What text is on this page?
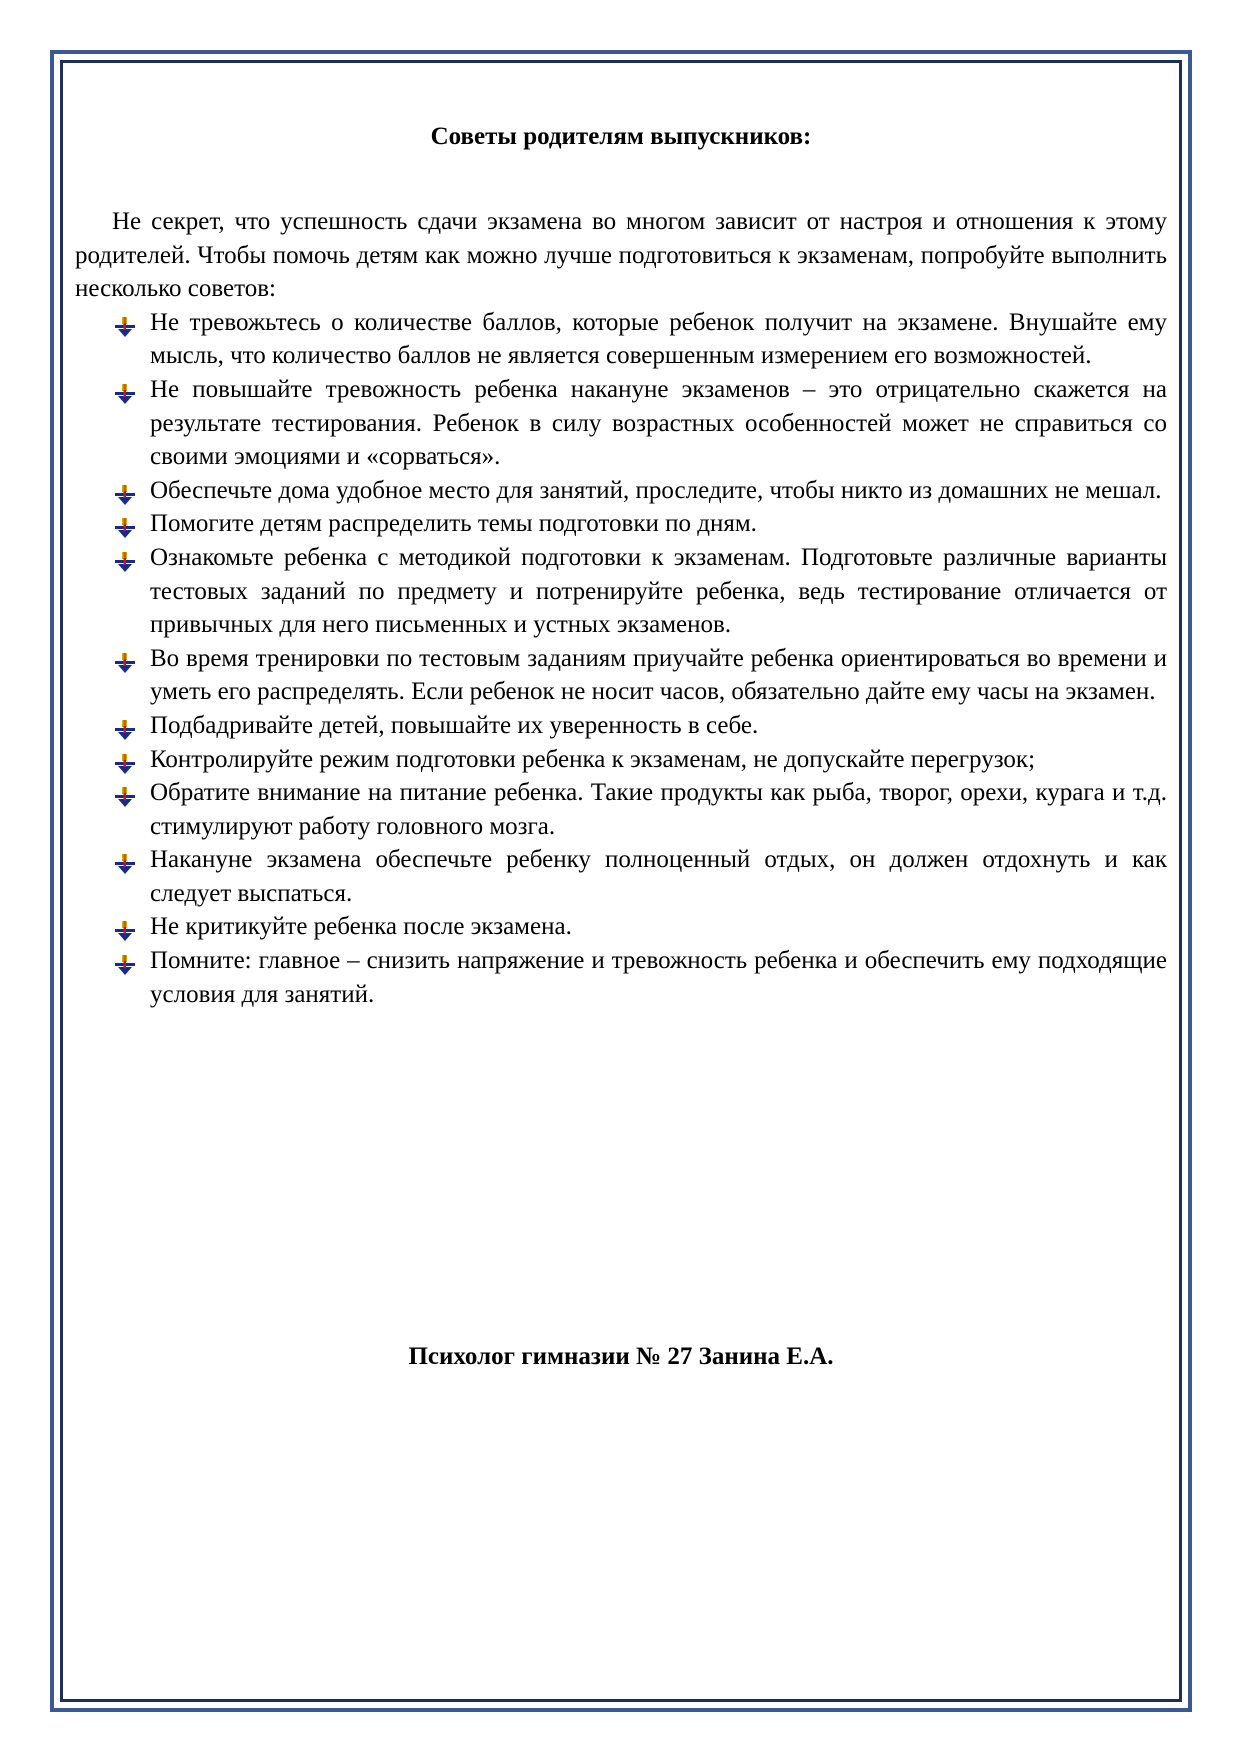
Советы родителям выпускников:

Не секрет, что успешность сдачи экзамена во многом зависит от настроя и отношения к этому родителей. Чтобы помочь детям как можно лучше подготовиться к экзаменам, попробуйте выполнить несколько советов:

Не тревожьтесь о количестве баллов, которые ребенок получит на экзамене. Внушайте ему мысль, что количество баллов не является совершенным измерением его возможностей.
Не повышайте тревожность ребенка накануне экзаменов – это отрицательно скажется на результате тестирования. Ребенок в силу возрастных особенностей может не справиться со своими эмоциями и «сорваться».
Обеспечьте дома удобное место для занятий, проследите, чтобы никто из домашних не мешал.
Помогите детям распределить темы подготовки по дням.
Ознакомьте ребенка с методикой подготовки к экзаменам. Подготовьте различные варианты тестовых заданий по предмету и потренируйте ребенка, ведь тестирование отличается от привычных для него письменных и устных экзаменов.
Во время тренировки по тестовым заданиям приучайте ребенка ориентироваться во времени и уметь его распределять. Если ребенок не носит часов, обязательно дайте ему часы на экзамен.
Подбадривайте детей, повышайте их уверенность в себе.
Контролируйте режим подготовки ребенка к экзаменам, не допускайте перегрузок;
Обратите внимание на питание ребенка. Такие продукты как рыба, творог, орехи, курага и т.д. стимулируют работу головного мозга.
Накануне экзамена обеспечьте ребенку полноценный отдых, он должен отдохнуть и как следует выспаться.
Не критикуйте ребенка после экзамена.
Помните: главное – снизить напряжение и тревожность ребенка и обеспечить ему подходящие условия для занятий.
Психолог гимназии № 27 Занина Е.А.
